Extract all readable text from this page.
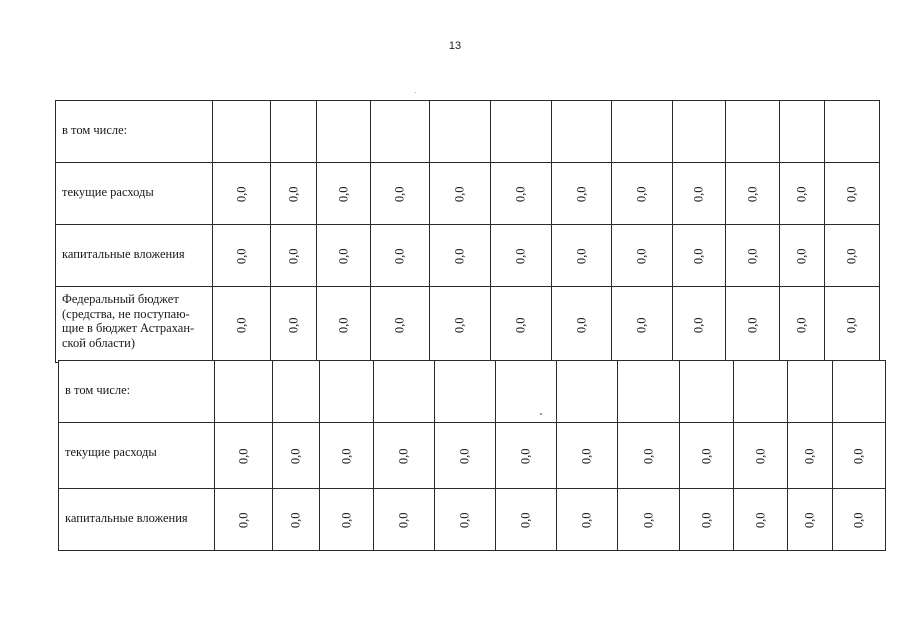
13
в том числе:												
текущие расходы	0,0	0,0	0,0	0,0	0,0	0,0	0,0	0,0	0,0	0,0	0,0	0,0
капитальные вложения	0,0	0,0	0,0	0,0	0,0	0,0	0,0	0,0	0,0	0,0	0,0	0,0
Федеральный бюджет (средства, не поступаю-щие в бюджет Астрахан-ской области)	0,0	0,0	0,0	0,0	0,0	0,0	0,0	0,0	0,0	0,0	0,0	0,0
в том числе:												
текущие расходы	0,0	0,0	0,0	0,0	0,0	0,0	0,0	0,0	0,0	0,0	0,0	0,0
капитальные вложения	0,0	0,0	0,0	0,0	0,0	0,0	0,0	0,0	0,0	0,0	0,0	0,0
